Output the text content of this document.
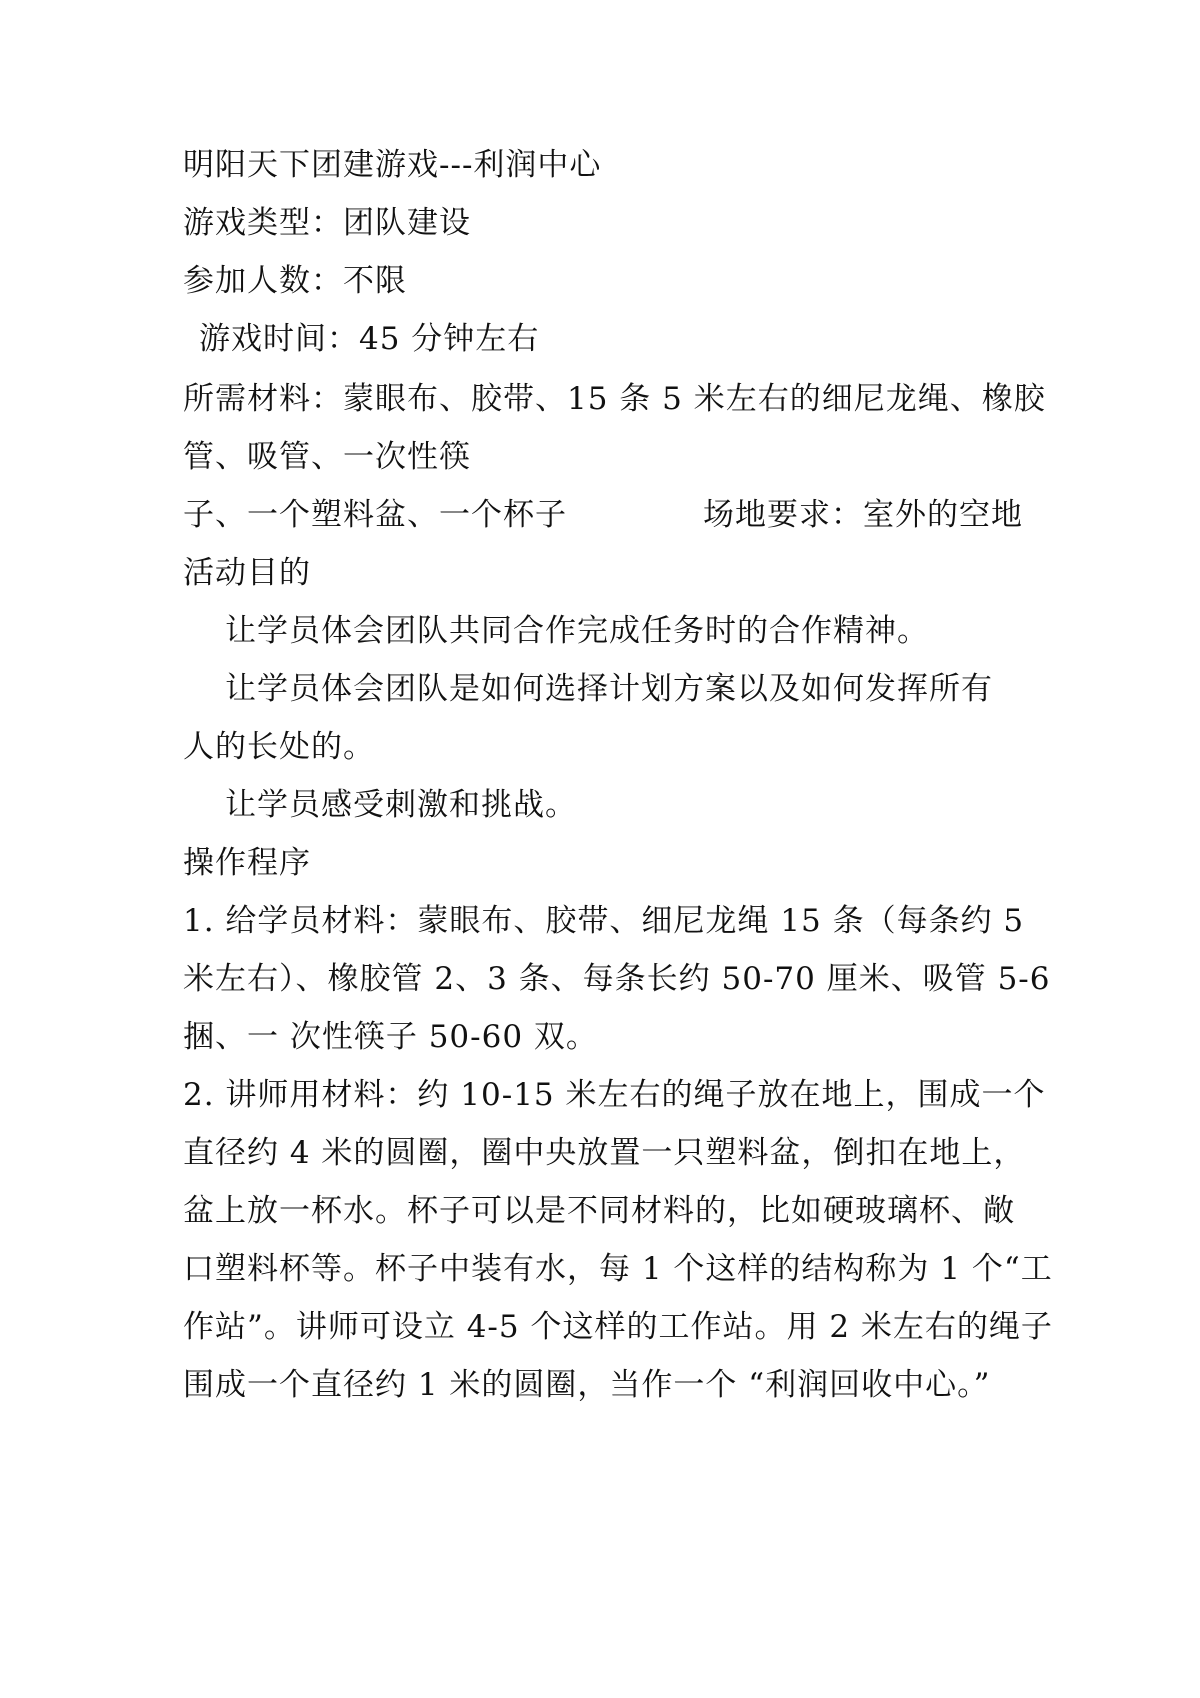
明阳天下团建游戏---利润中心
游戏类型：团队建设
参加人数：不限
游戏时间：45 分钟左右
所需材料：蒙眼布、胶带、15 条 5 米左右的细尼龙绳、橡胶
管、吸管、一次性筷
子、一个塑料盆、一个杯子	场地要求：室外的空地
活动目的
让学员体会团队共同合作完成任务时的合作精神。
让学员体会团队是如何选择计划方案以及如何发挥所有
人的长处的。
让学员感受刺激和挑战。
操作程序
1. 给学员材料：蒙眼布、胶带、细尼龙绳 15 条（每条约 5
米左右）、橡胶管 2、3 条、每条长约 50-70 厘米、吸管 5-6
捆、一 次性筷子 50-60 双。
2. 讲师用材料：约 10-15 米左右的绳子放在地上，围成一个
直径约 4 米的圆圈，圈中央放置一只塑料盆，倒扣在地上，
盆上放一杯水。杯子可以是不同材料的，比如硬玻璃杯、敞
口塑料杯等。杯子中装有水，每 1 个这样的结构称为 1 个“工
作站”。讲师可设立 4-5 个这样的工作站。用 2 米左右的绳子
围成一个直径约 1 米的圆圈，当作一个 “利润回收中心。”
